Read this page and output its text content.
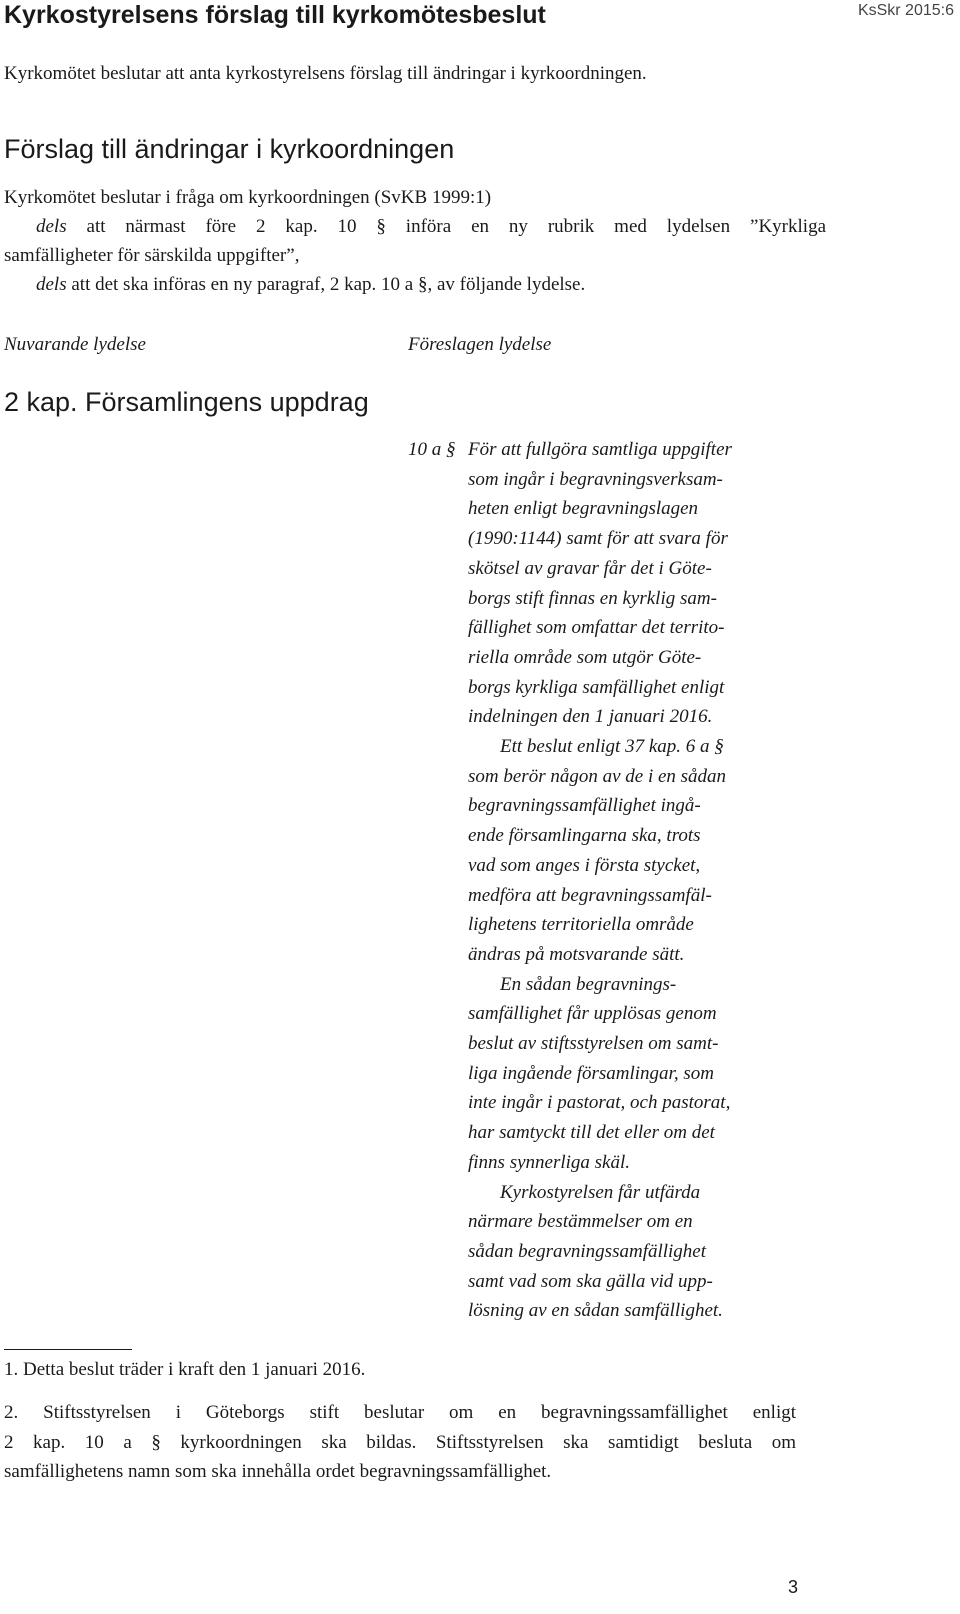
Kyrkostyrelsens förslag till kyrkomötesbeslut	KsSkr 2015:6

Kyrkomötet beslutar att anta kyrkostyrelsens förslag till ändringar i kyrkoordningen.

Förslag till ändringar i kyrkoordningen
Kyrkomötet beslutar i fråga om kyrkoordningen (SvKB 1999:1)
dels att närmast före 2 kap. 10 § införa en ny rubrik med lydelsen ”Kyrkliga
samfälligheter för särskilda uppgifter”,
dels att det ska införas en ny paragraf, 2 kap. 10 a §, av följande lydelse.
Nuvarande lydelse	Föreslagen lydelse
2 kap. Församlingens uppdrag
10 a § För att fullgöra samtliga uppgifter
som ingår i begravningsverksam-
heten enligt begravningslagen
(1990:1144) samt för att svara för
skötsel av gravar får det i Göte-
borgs stift finnas en kyrklig sam-
fällighet som omfattar det territo-
riella område som utgör Göte-
borgs kyrkliga samfällighet enligt
indelningen den 1 januari 2016.
Ett beslut enligt 37 kap. 6 a §
som berör någon av de i en sådan
begravningssamfällighet ingå-
ende församlingarna ska, trots
vad som anges i första stycket,
medföra att begravningssamfäl-
lighetens territoriella område
ändras på motsvarande sätt.
En sådan begravnings-
samfällighet får upplösas genom
beslut av stiftsstyrelsen om samt-
liga ingående församlingar, som
inte ingår i pastorat, och pastorat,
har samtyckt till det eller om det
finns synnerliga skäl.
Kyrkostyrelsen får utfärda
närmare bestämmelser om en
sådan begravningssamfällighet
samt vad som ska gälla vid upp-
lösning av en sådan samfällighet.

1. Detta beslut träder i kraft den 1 januari 2016.

2. Stiftsstyrelsen i Göteborgs stift beslutar om en begravningssamfällighet enligt
2 kap. 10 a § kyrkoordningen ska bildas. Stiftsstyrelsen ska samtidigt besluta om
samfällighetens namn som ska innehålla ordet begravningssamfällighet.
3
